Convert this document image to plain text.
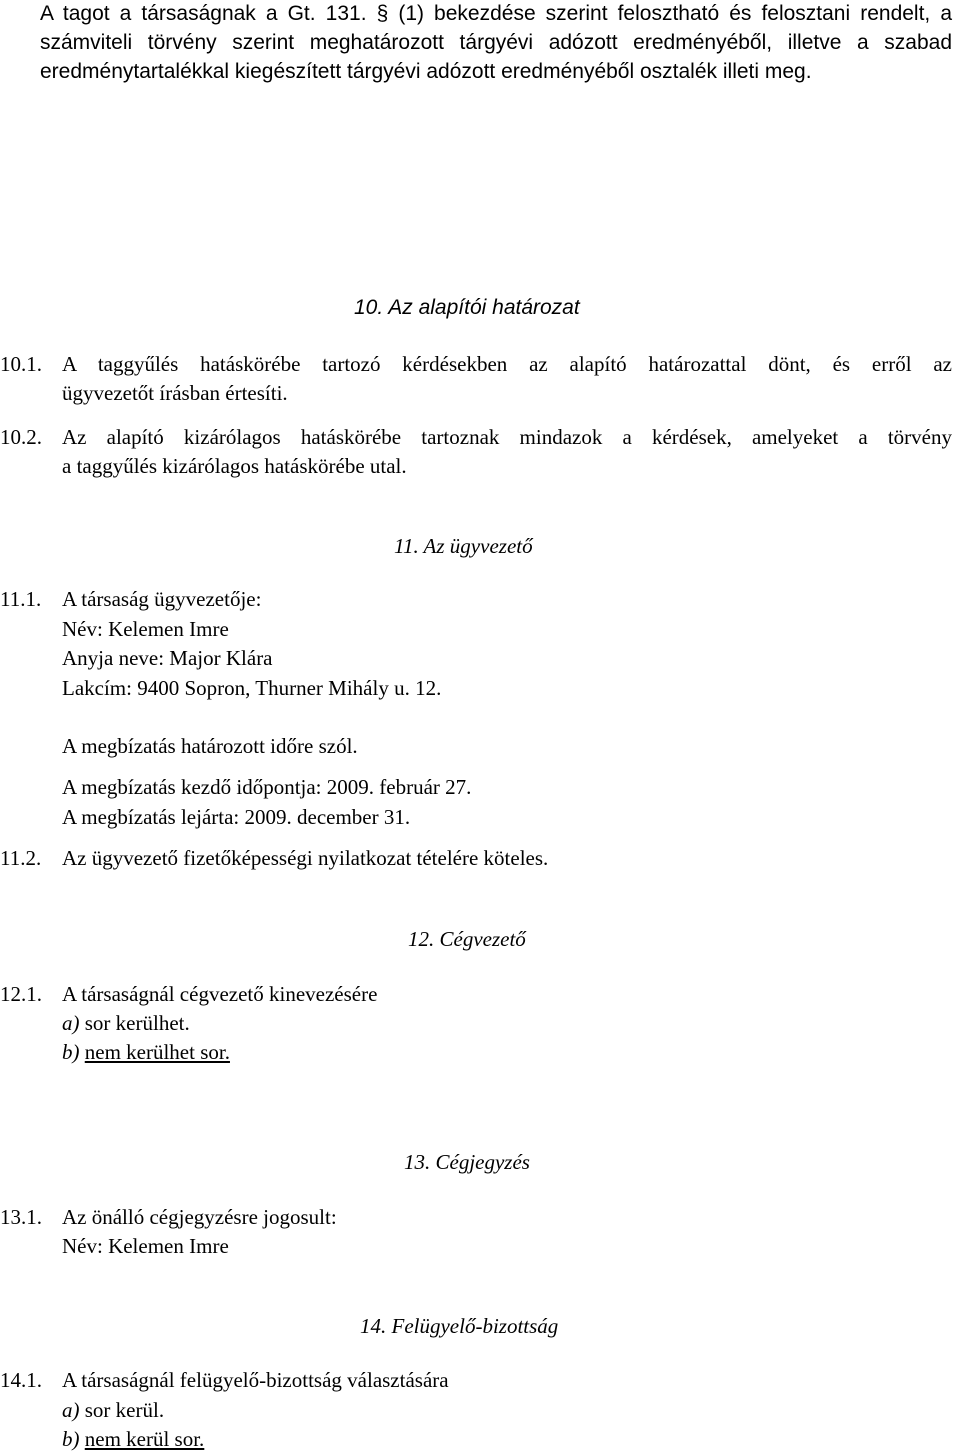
A tagot a társaságnak a Gt. 131. § (1) bekezdése szerint felosztható és felosztani rendelt, a

számviteli törvény szerint meghatározott tárgyévi adózott eredményéből, illetve a szabad

eredménytartalékkal kiegészített tárgyévi adózott eredményéből osztalék illeti meg.

10. Az alapítói határozat

10.1. A taggyűlés hatáskörébe tartozó kérdésekben az alapító határozattal dönt, és erről az

ügyvezetőt írásban értesíti.

10.2. Az alapító kizárólagos hatáskörébe tartoznak mindazok a kérdések, amelyeket a törvény

a taggyűlés kizárólagos hatáskörébe utal.

11. Az ügyvezető

11.1. A társaság ügyvezetője:

Név: Kelemen Imre

Anyja neve: Major Klára

Lakcím: 9400 Sopron, Thurner Mihály u. 12.

A megbízatás határozott időre szól.

A megbízatás kezdő időpontja: 2009. február 27.

A megbízatás lejárta: 2009. december 31.

11.2. Az ügyvezető fizetőképességi nyilatkozat tételére köteles.

12. Cégvezető

12.1. A társaságnál cégvezető kinevezésére

a) sor kerülhet.

b) nem kerülhet sor.

13. Cégjegyzés

13.1. Az önálló cégjegyzésre jogosult:

Név: Kelemen Imre

14. Felügyelő-bizottság

14.1. A társaságnál felügyelő-bizottság választására

a) sor kerül.

b) nem kerül sor.
